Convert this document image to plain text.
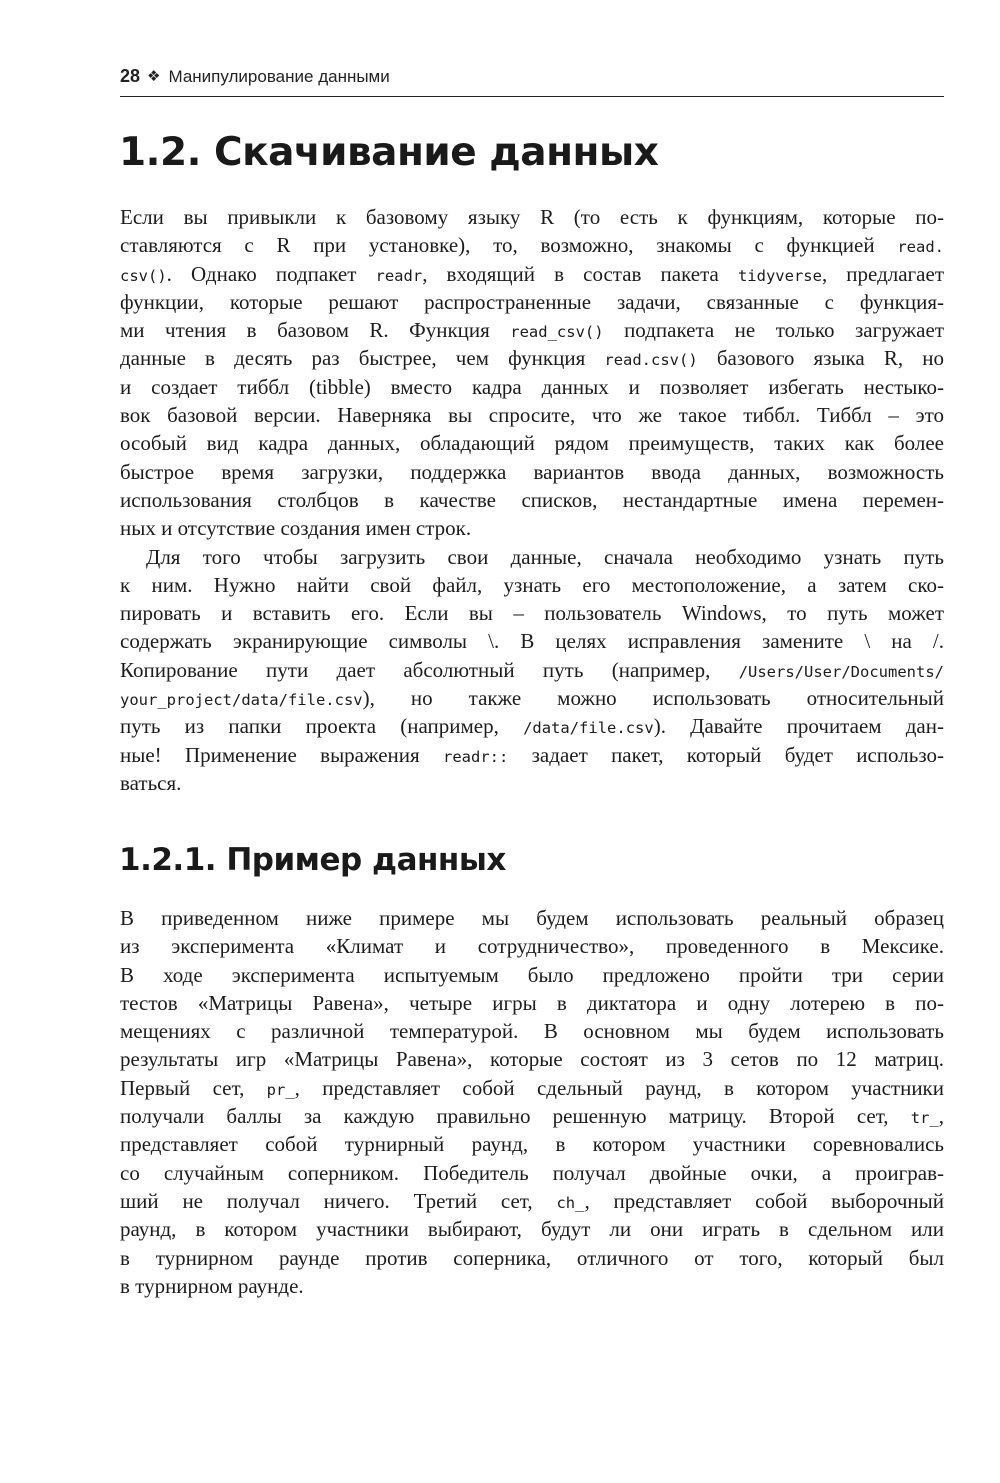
28 ❖ Манипулирование данными
1.2. Скачивание данных
Если вы привыкли к базовому языку R (то есть к функциям, которые по-
ставляются с R при установке), то, возможно, знакомы с функцией read.
csv(). Однако подпакет readr, входящий в состав пакета tidyverse, предлагает
функции, которые решают распространенные задачи, связанные с функция-
ми чтения в базовом R. Функция read_csv() подпакета не только загружает
данные в десять раз быстрее, чем функция read.csv() базового языка R, но
и создает тиббл (tibble) вместо кадра данных и позволяет избегать нестыко-
вок базовой версии. Наверняка вы спросите, что же такое тиббл. Тиббл – это
особый вид кадра данных, обладающий рядом преимуществ, таких как более
быстрое время загрузки, поддержка вариантов ввода данных, возможность
использования столбцов в качестве списков, нестандартные имена перемен-
ных и отсутствие создания имен строк.
Для того чтобы загрузить свои данные, сначала необходимо узнать путь
к ним. Нужно найти свой файл, узнать его местоположение, а затем ско-
пировать и вставить его. Если вы – пользователь Windows, то путь может
содержать экранирующие символы \. В целях исправления замените \ на /.
Копирование пути дает абсолютный путь (например, /Users/User/Documents/
your_project/data/file.csv), но также можно использовать относительный
путь из папки проекта (например, /data/file.csv). Давайте прочитаем дан-
ные! Применение выражения readr:: задает пакет, который будет использо-
ваться.
1.2.1. Пример данных
В приведенном ниже примере мы будем использовать реальный образец
из эксперимента «Климат и сотрудничество», проведенного в Мексике.
В ходе эксперимента испытуемым было предложено пройти три серии
тестов «Матрицы Равена», четыре игры в диктатора и одну лотерею в по-
мещениях с различной температурой. В основном мы будем использовать
результаты игр «Матрицы Равена», которые состоят из 3 сетов по 12 матриц.
Первый сет, pr_, представляет собой сдельный раунд, в котором участники
получали баллы за каждую правильно решенную матрицу. Второй сет, tr_,
представляет собой турнирный раунд, в котором участники соревновались
со случайным соперником. Победитель получал двойные очки, а проиграв-
ший не получал ничего. Третий сет, ch_, представляет собой выборочный
раунд, в котором участники выбирают, будут ли они играть в сдельном или
в турнирном раунде против соперника, отличного от того, который был
в турнирном раунде.
